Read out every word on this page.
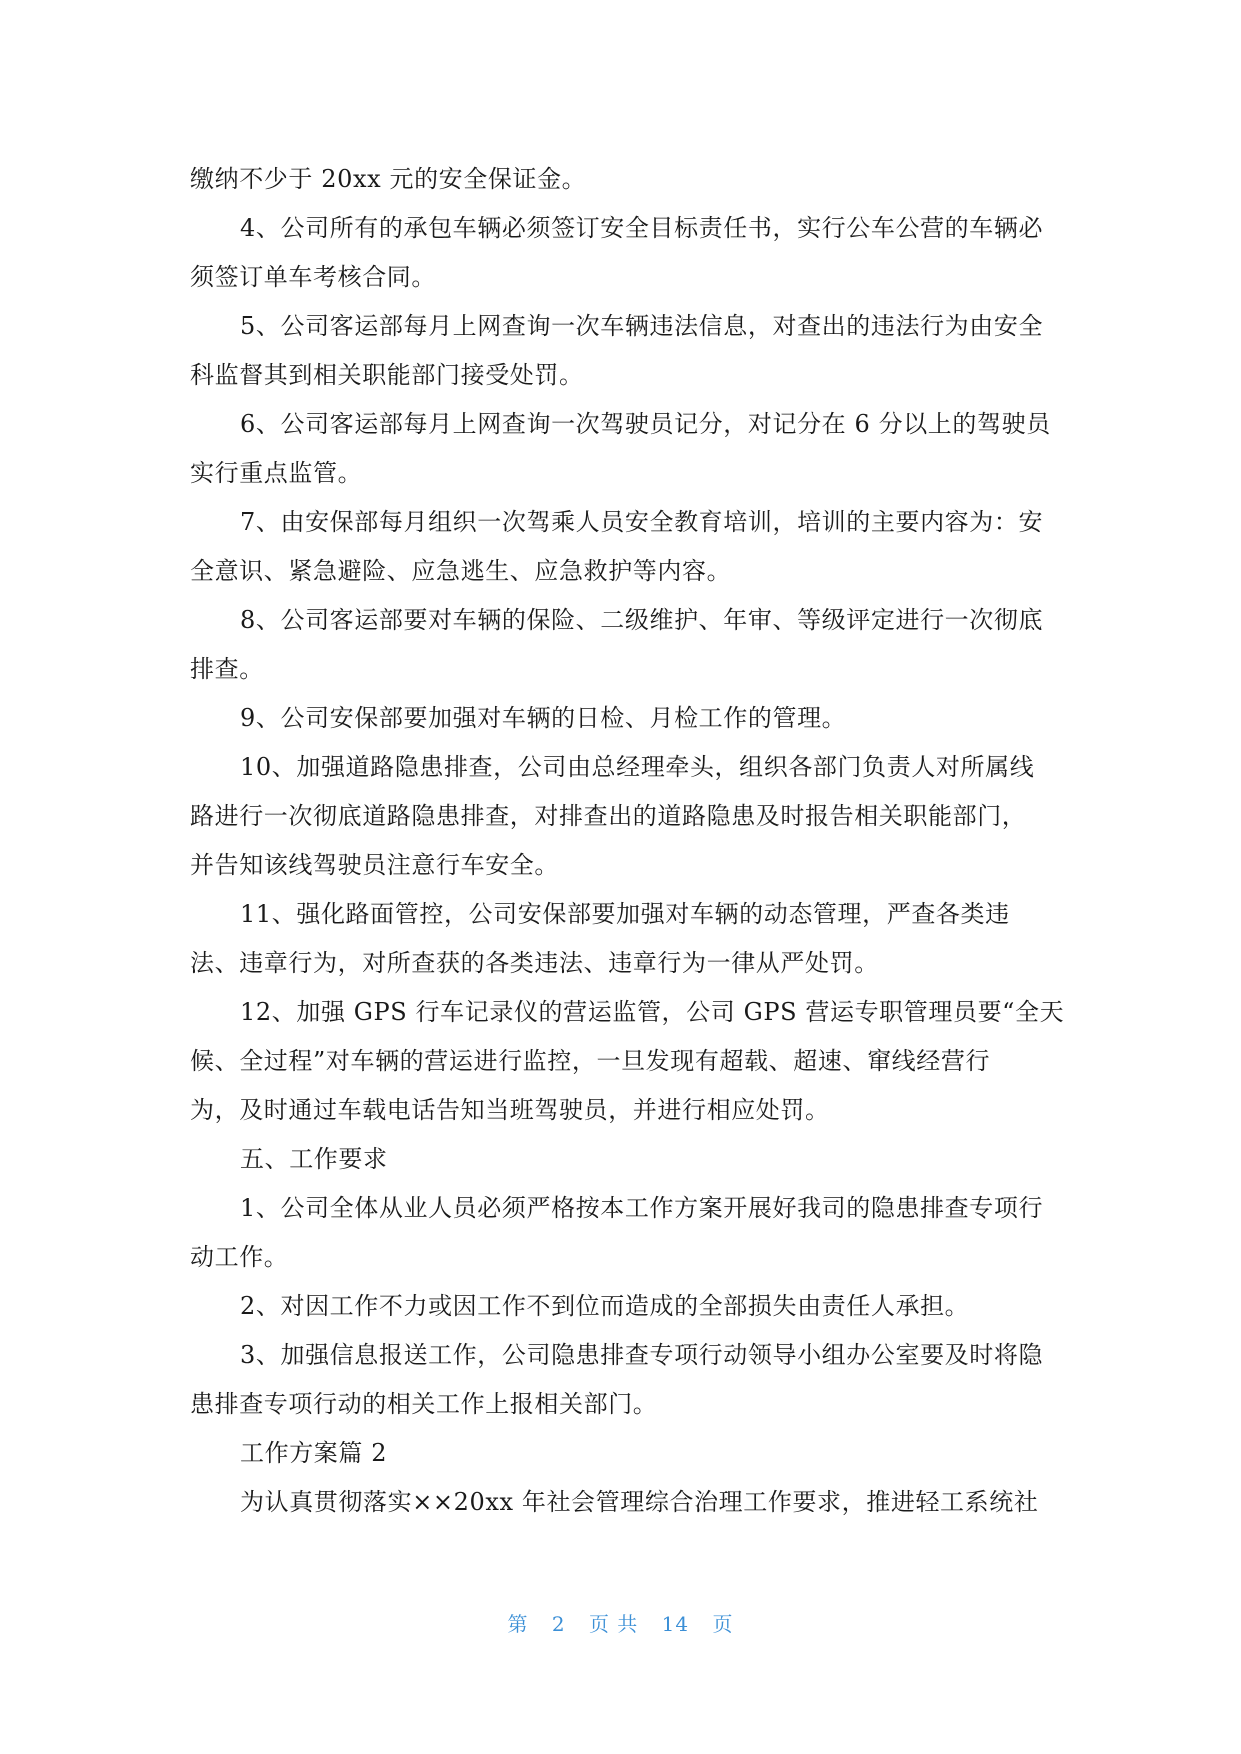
缴纳不少于 20xx 元的安全保证金。
4、公司所有的承包车辆必须签订安全目标责任书，实行公车公营的车辆必
须签订单车考核合同。
5、公司客运部每月上网查询一次车辆违法信息，对查出的违法行为由安全
科监督其到相关职能部门接受处罚。
6、公司客运部每月上网查询一次驾驶员记分，对记分在 6 分以上的驾驶员
实行重点监管。
7、由安保部每月组织一次驾乘人员安全教育培训，培训的主要内容为：安
全意识、紧急避险、应急逃生、应急救护等内容。
8、公司客运部要对车辆的保险、二级维护、年审、等级评定进行一次彻底
排查。
9、公司安保部要加强对车辆的日检、月检工作的管理。
10、加强道路隐患排查，公司由总经理牵头，组织各部门负责人对所属线
路进行一次彻底道路隐患排查，对排查出的道路隐患及时报告相关职能部门，
并告知该线驾驶员注意行车安全。
11、强化路面管控，公司安保部要加强对车辆的动态管理，严查各类违
法、违章行为，对所查获的各类违法、违章行为一律从严处罚。
12、加强 GPS 行车记录仪的营运监管，公司 GPS 营运专职管理员要“全天
候、全过程”对车辆的营运进行监控，一旦发现有超载、超速、窜线经营行
为，及时通过车载电话告知当班驾驶员，并进行相应处罚。
五、工作要求
1、公司全体从业人员必须严格按本工作方案开展好我司的隐患排查专项行
动工作。
2、对因工作不力或因工作不到位而造成的全部损失由责任人承担。
3、加强信息报送工作，公司隐患排查专项行动领导小组办公室要及时将隐
患排查专项行动的相关工作上报相关部门。
工作方案篇 2
为认真贯彻落实××20xx 年社会管理综合治理工作要求，推进轻工系统社
第 2 页 共 14 页
